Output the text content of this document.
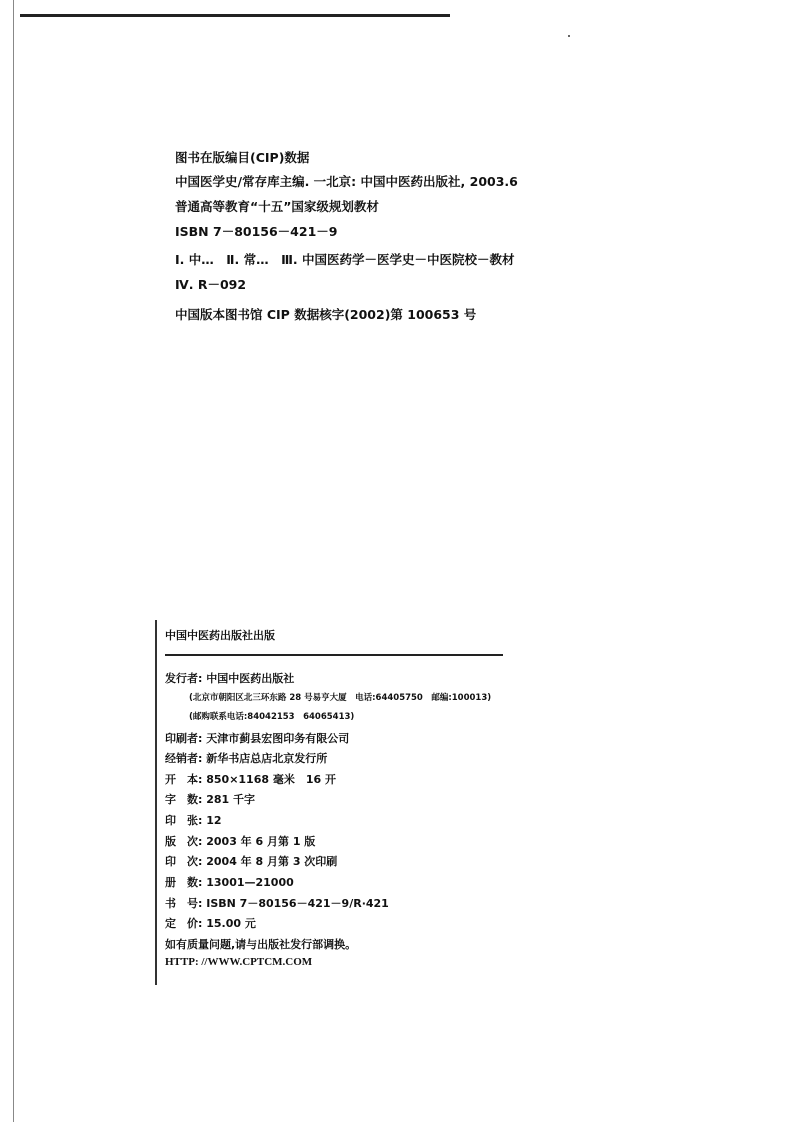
图书在版编目(CIP)数据
中国医学史/常存库主编. 一北京: 中国中医药出版社, 2003.6
普通高等教育“十五”国家级规划教材
ISBN 7－80156－421－9
Ⅰ. 中…　Ⅱ. 常…　Ⅲ. 中国医药学－医学史－中医院校－教材
Ⅳ. R－092
中国版本图书馆 CIP 数据核字(2002)第 100653 号
中国中医药出版社出版
发行者: 中国中医药出版社
(北京市朝阳区北三环东路 28 号易亨大厦　电话:64405750　邮编:100013)
(邮购联系电话:84042153　64065413)
印刷者: 天津市蓟县宏图印务有限公司
经销者: 新华书店总店北京发行所
开　本: 850×1168 毫米　16 开
字　数: 281 千字
印　张: 12
版　次: 2003 年 6 月第 1 版
印　次: 2004 年 8 月第 3 次印刷
册　数: 13001—21000
书　号: ISBN 7－80156－421－9/R·421
定　价: 15.00 元
如有质量问题,请与出版社发行部调换。
HTTP: //WWW.CPTCM.COM
